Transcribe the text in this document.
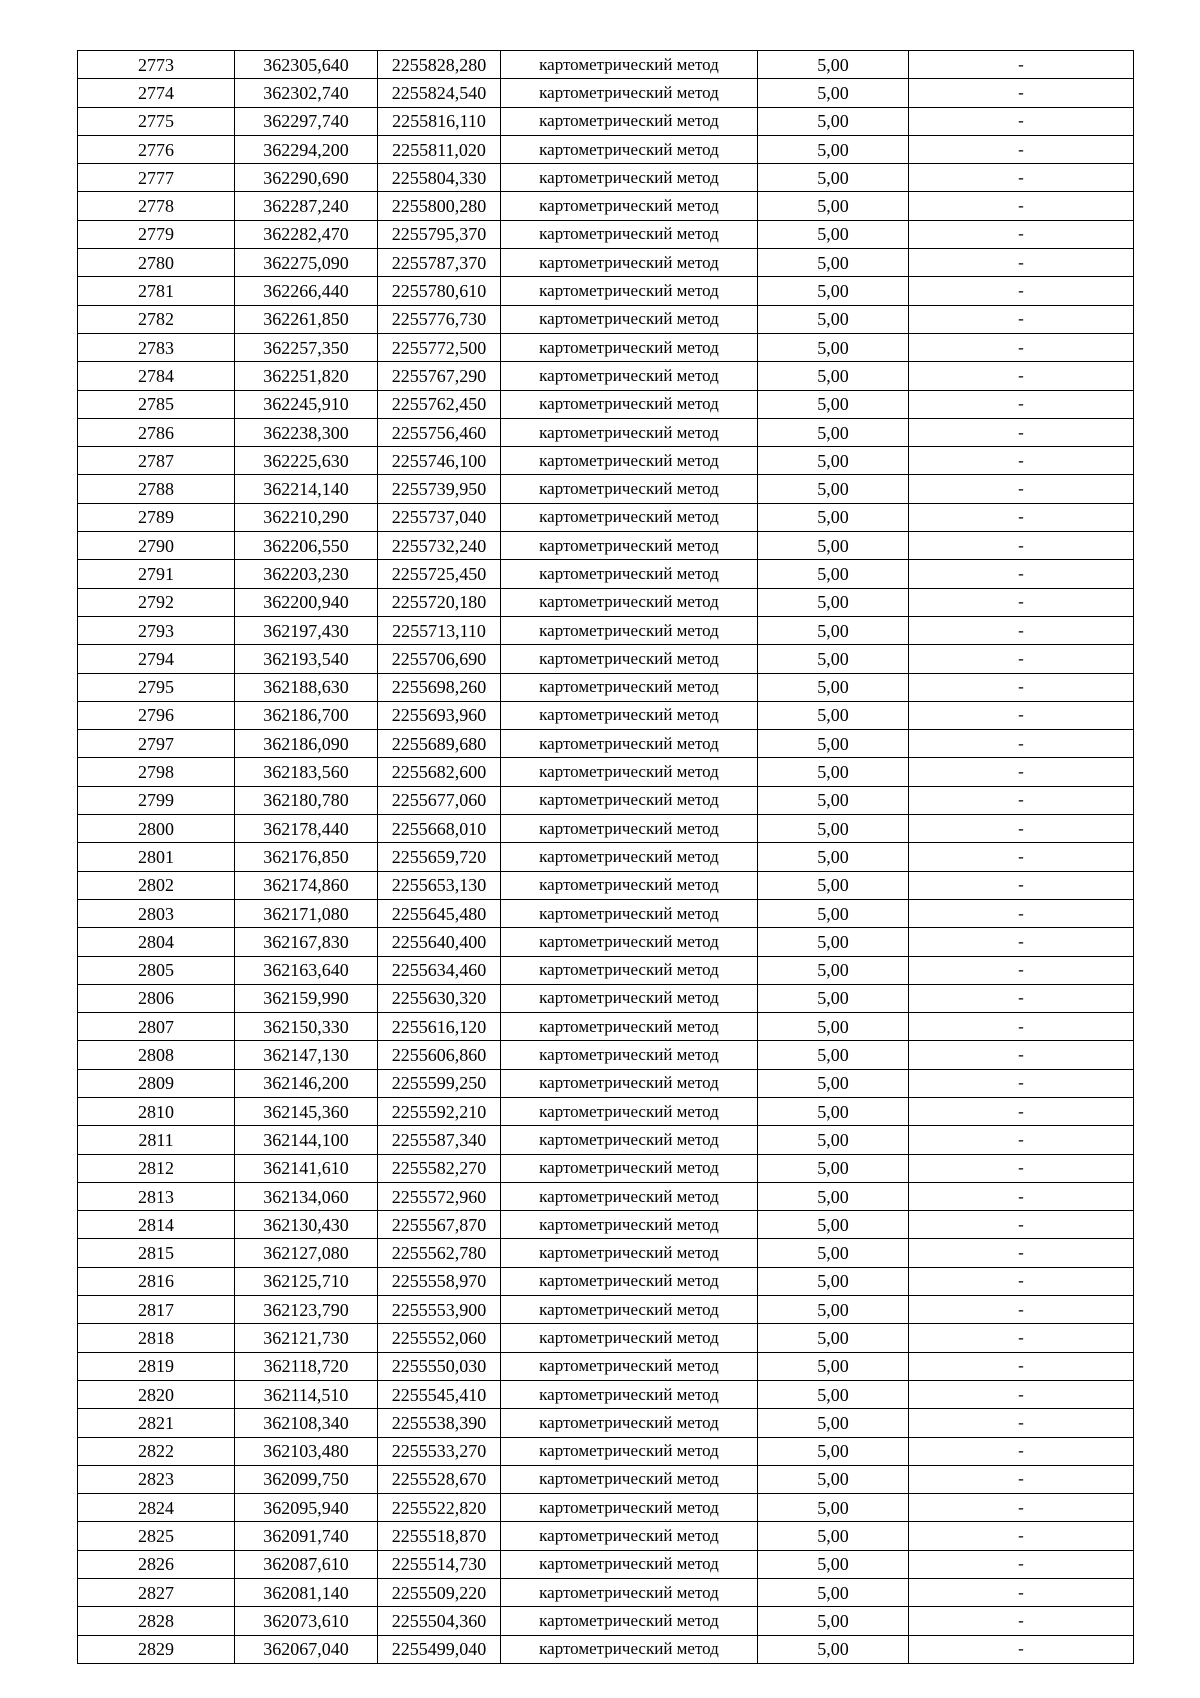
2773	362305,640	2255828,280	картометрический метод	5,00	-
2774	362302,740	2255824,540	картометрический метод	5,00	-
2775	362297,740	2255816,110	картометрический метод	5,00	-
2776	362294,200	2255811,020	картометрический метод	5,00	-
2777	362290,690	2255804,330	картометрический метод	5,00	-
2778	362287,240	2255800,280	картометрический метод	5,00	-
2779	362282,470	2255795,370	картометрический метод	5,00	-
2780	362275,090	2255787,370	картометрический метод	5,00	-
2781	362266,440	2255780,610	картометрический метод	5,00	-
2782	362261,850	2255776,730	картометрический метод	5,00	-
2783	362257,350	2255772,500	картометрический метод	5,00	-
2784	362251,820	2255767,290	картометрический метод	5,00	-
2785	362245,910	2255762,450	картометрический метод	5,00	-
2786	362238,300	2255756,460	картометрический метод	5,00	-
2787	362225,630	2255746,100	картометрический метод	5,00	-
2788	362214,140	2255739,950	картометрический метод	5,00	-
2789	362210,290	2255737,040	картометрический метод	5,00	-
2790	362206,550	2255732,240	картометрический метод	5,00	-
2791	362203,230	2255725,450	картометрический метод	5,00	-
2792	362200,940	2255720,180	картометрический метод	5,00	-
2793	362197,430	2255713,110	картометрический метод	5,00	-
2794	362193,540	2255706,690	картометрический метод	5,00	-
2795	362188,630	2255698,260	картометрический метод	5,00	-
2796	362186,700	2255693,960	картометрический метод	5,00	-
2797	362186,090	2255689,680	картометрический метод	5,00	-
2798	362183,560	2255682,600	картометрический метод	5,00	-
2799	362180,780	2255677,060	картометрический метод	5,00	-
2800	362178,440	2255668,010	картометрический метод	5,00	-
2801	362176,850	2255659,720	картометрический метод	5,00	-
2802	362174,860	2255653,130	картометрический метод	5,00	-
2803	362171,080	2255645,480	картометрический метод	5,00	-
2804	362167,830	2255640,400	картометрический метод	5,00	-
2805	362163,640	2255634,460	картометрический метод	5,00	-
2806	362159,990	2255630,320	картометрический метод	5,00	-
2807	362150,330	2255616,120	картометрический метод	5,00	-
2808	362147,130	2255606,860	картометрический метод	5,00	-
2809	362146,200	2255599,250	картометрический метод	5,00	-
2810	362145,360	2255592,210	картометрический метод	5,00	-
2811	362144,100	2255587,340	картометрический метод	5,00	-
2812	362141,610	2255582,270	картометрический метод	5,00	-
2813	362134,060	2255572,960	картометрический метод	5,00	-
2814	362130,430	2255567,870	картометрический метод	5,00	-
2815	362127,080	2255562,780	картометрический метод	5,00	-
2816	362125,710	2255558,970	картометрический метод	5,00	-
2817	362123,790	2255553,900	картометрический метод	5,00	-
2818	362121,730	2255552,060	картометрический метод	5,00	-
2819	362118,720	2255550,030	картометрический метод	5,00	-
2820	362114,510	2255545,410	картометрический метод	5,00	-
2821	362108,340	2255538,390	картометрический метод	5,00	-
2822	362103,480	2255533,270	картометрический метод	5,00	-
2823	362099,750	2255528,670	картометрический метод	5,00	-
2824	362095,940	2255522,820	картометрический метод	5,00	-
2825	362091,740	2255518,870	картометрический метод	5,00	-
2826	362087,610	2255514,730	картометрический метод	5,00	-
2827	362081,140	2255509,220	картометрический метод	5,00	-
2828	362073,610	2255504,360	картометрический метод	5,00	-
2829	362067,040	2255499,040	картометрический метод	5,00	-
